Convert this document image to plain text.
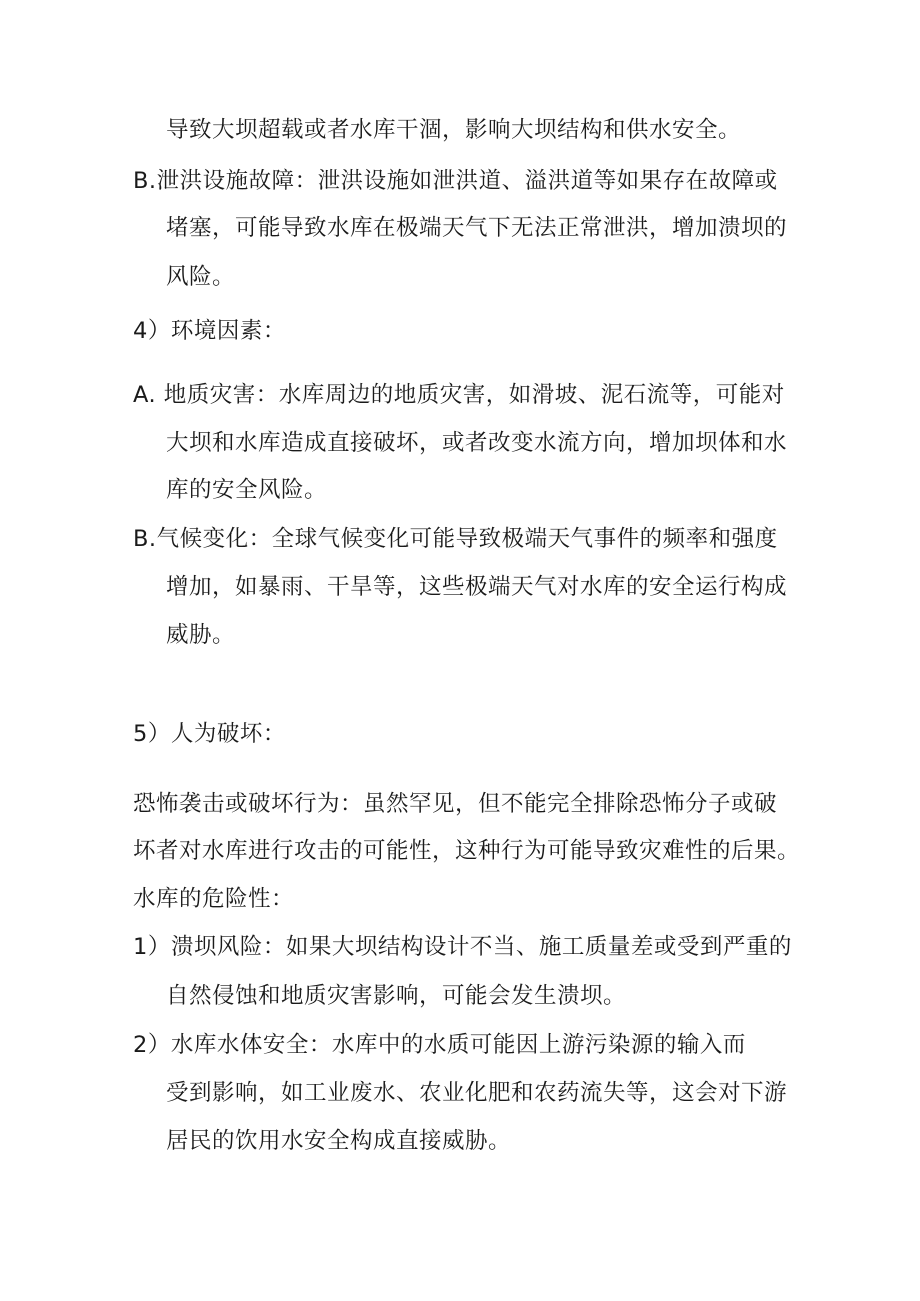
导致大坝超载或者水库干涸，影响大坝结构和供水安全。
B.泄洪设施故障：泄洪设施如泄洪道、溢洪道等如果存在故障或
堵塞，可能导致水库在极端天气下无法正常泄洪，增加溃坝的
风险。
4）环境因素：
A. 地质灾害：水库周边的地质灾害，如滑坡、泥石流等，可能对
大坝和水库造成直接破坏，或者改变水流方向，增加坝体和水
库的安全风险。
B.气候变化：全球气候变化可能导致极端天气事件的频率和强度
增加，如暴雨、干旱等，这些极端天气对水库的安全运行构成
威胁。
5）人为破坏：
恐怖袭击或破坏行为：虽然罕见，但不能完全排除恐怖分子或破
坏者对水库进行攻击的可能性，这种行为可能导致灾难性的后果。
水库的危险性：
1）溃坝风险：如果大坝结构设计不当、施工质量差或受到严重的
自然侵蚀和地质灾害影响，可能会发生溃坝。
2）水库水体安全：水库中的水质可能因上游污染源的输入而
受到影响，如工业废水、农业化肥和农药流失等，这会对下游
居民的饮用水安全构成直接威胁。
